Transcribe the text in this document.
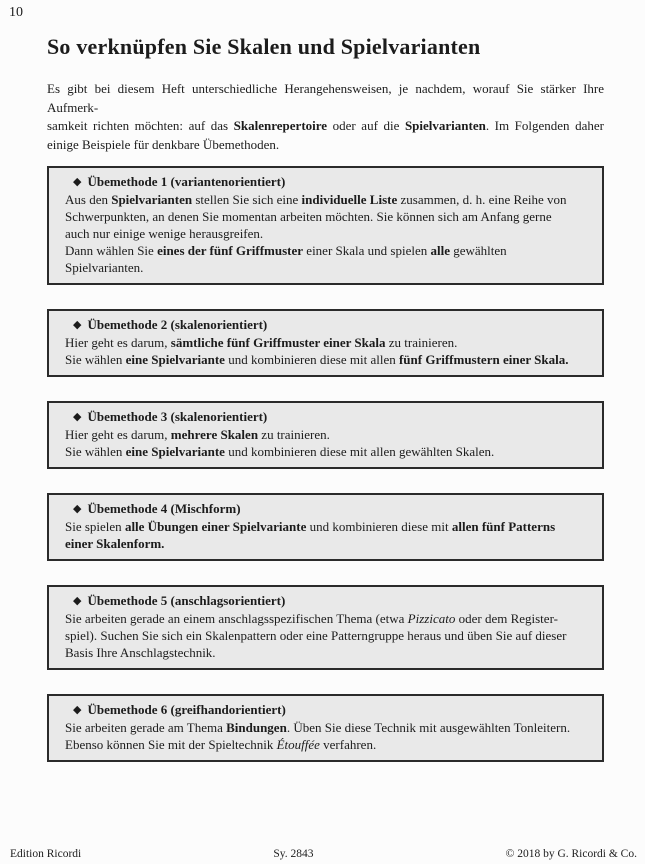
10
So verknüpfen Sie Skalen und Spielvarianten
Es gibt bei diesem Heft unterschiedliche Herangehensweisen, je nachdem, worauf Sie stärker Ihre Aufmerk-
samkeit richten möchten: auf das Skalenrepertoire oder auf die Spielvarianten. Im Folgenden daher
einige Beispiele für denkbare Übemethoden.
◆ Übemethode 1 (variantenorientiert)
Aus den Spielvarianten stellen Sie sich eine individuelle Liste zusammen, d. h. eine Reihe von
Schwerpunkten, an denen Sie momentan arbeiten möchten. Sie können sich am Anfang gerne
auch nur einige wenige herausgreifen.
Dann wählen Sie eines der fünf Griffmuster einer Skala und spielen alle gewählten
Spielvarianten.
◆ Übemethode 2 (skalenorientiert)
Hier geht es darum, sämtliche fünf Griffmuster einer Skala zu trainieren.
Sie wählen eine Spielvariante und kombinieren diese mit allen fünf Griffmustern einer Skala.
◆ Übemethode 3 (skalenorientiert)
Hier geht es darum, mehrere Skalen zu trainieren.
Sie wählen eine Spielvariante und kombinieren diese mit allen gewählten Skalen.
◆ Übemethode 4 (Mischform)
Sie spielen alle Übungen einer Spielvariante und kombinieren diese mit allen fünf Patterns
einer Skalenform.
◆ Übemethode 5 (anschlagsorientiert)
Sie arbeiten gerade an einem anschlagsspezifischen Thema (etwa Pizzicato oder dem Register-
spiel). Suchen Sie sich ein Skalenpattern oder eine Patterngruppe heraus und üben Sie auf dieser
Basis Ihre Anschlagstechnik.
◆ Übemethode 6 (greifhandorientiert)
Sie arbeiten gerade am Thema Bindungen. Üben Sie diese Technik mit ausgewählten Tonleitern.
Ebenso können Sie mit der Spieltechnik Étouffée verfahren.
Edition Ricordi	Sy. 2843	© 2018 by G. Ricordi & Co.
